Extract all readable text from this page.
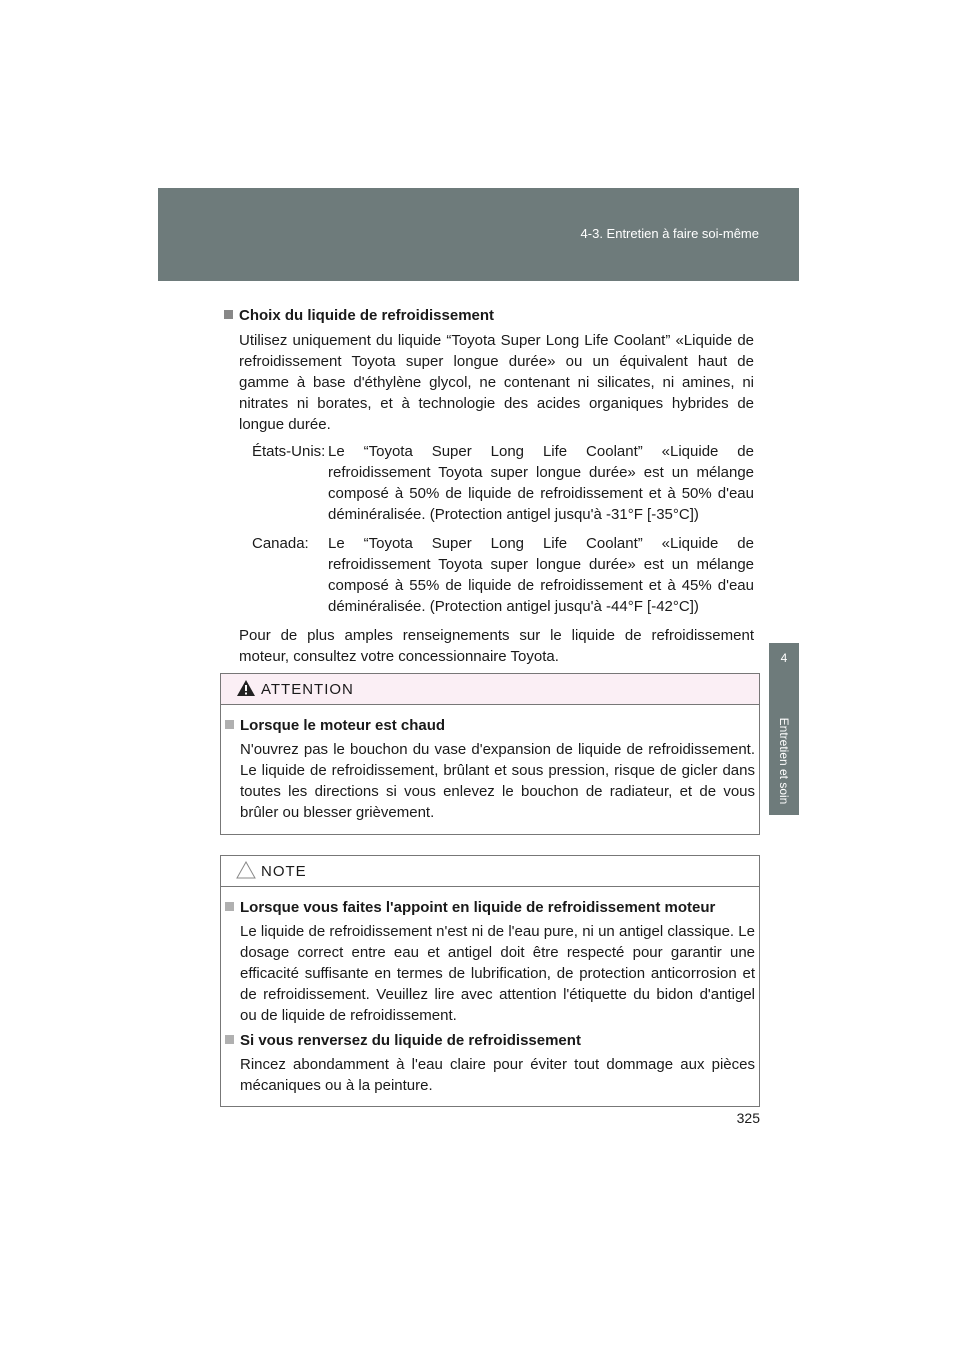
4-3. Entretien à faire soi-même
4
Entretien et soin

Choix du liquide de refroidissement

Utilisez uniquement du liquide “Toyota Super Long Life Coolant” «Liquide de refroidissement Toyota super longue durée» ou un équivalent haut de gamme à base d'éthylène glycol, ne contenant ni silicates, ni amines, ni nitrates ni borates, et à technologie des acides organiques hybrides de longue durée.

États-Unis: Le “Toyota Super Long Life Coolant” «Liquide de refroidissement Toyota super longue durée» est un mélange composé à 50% de liquide de refroidissement et à 50% d'eau déminéralisée. (Protection antigel jusqu'à -31°F [-35°C])
Canada:	Le “Toyota Super Long Life Coolant” «Liquide de refroidissement Toyota super longue durée» est un mélange composé à 55% de liquide de refroidissement et à 45% d'eau déminéralisée. (Protection antigel jusqu'à -44°F [-42°C])

Pour de plus amples renseignements sur le liquide de refroidissement moteur, consultez votre concessionnaire Toyota.

ATTENTION

Lorsque le moteur est chaud

N'ouvrez pas le bouchon du vase d'expansion de liquide de refroidissement. Le liquide de refroidissement, brûlant et sous pression, risque de gicler dans toutes les directions si vous enlevez le bouchon de radiateur, et de vous brûler ou blesser grièvement.

NOTE

Lorsque vous faites l'appoint en liquide de refroidissement moteur

Le liquide de refroidissement n'est ni de l'eau pure, ni un antigel classique. Le dosage correct entre eau et antigel doit être respecté pour garantir une efficacité suffisante en termes de lubrification, de protection anticorrosion et de refroidissement. Veuillez lire avec attention l'étiquette du bidon d'antigel ou de liquide de refroidissement.

Si vous renversez du liquide de refroidissement

Rincez abondamment à l'eau claire pour éviter tout dommage aux pièces mécaniques ou à la peinture.

325
